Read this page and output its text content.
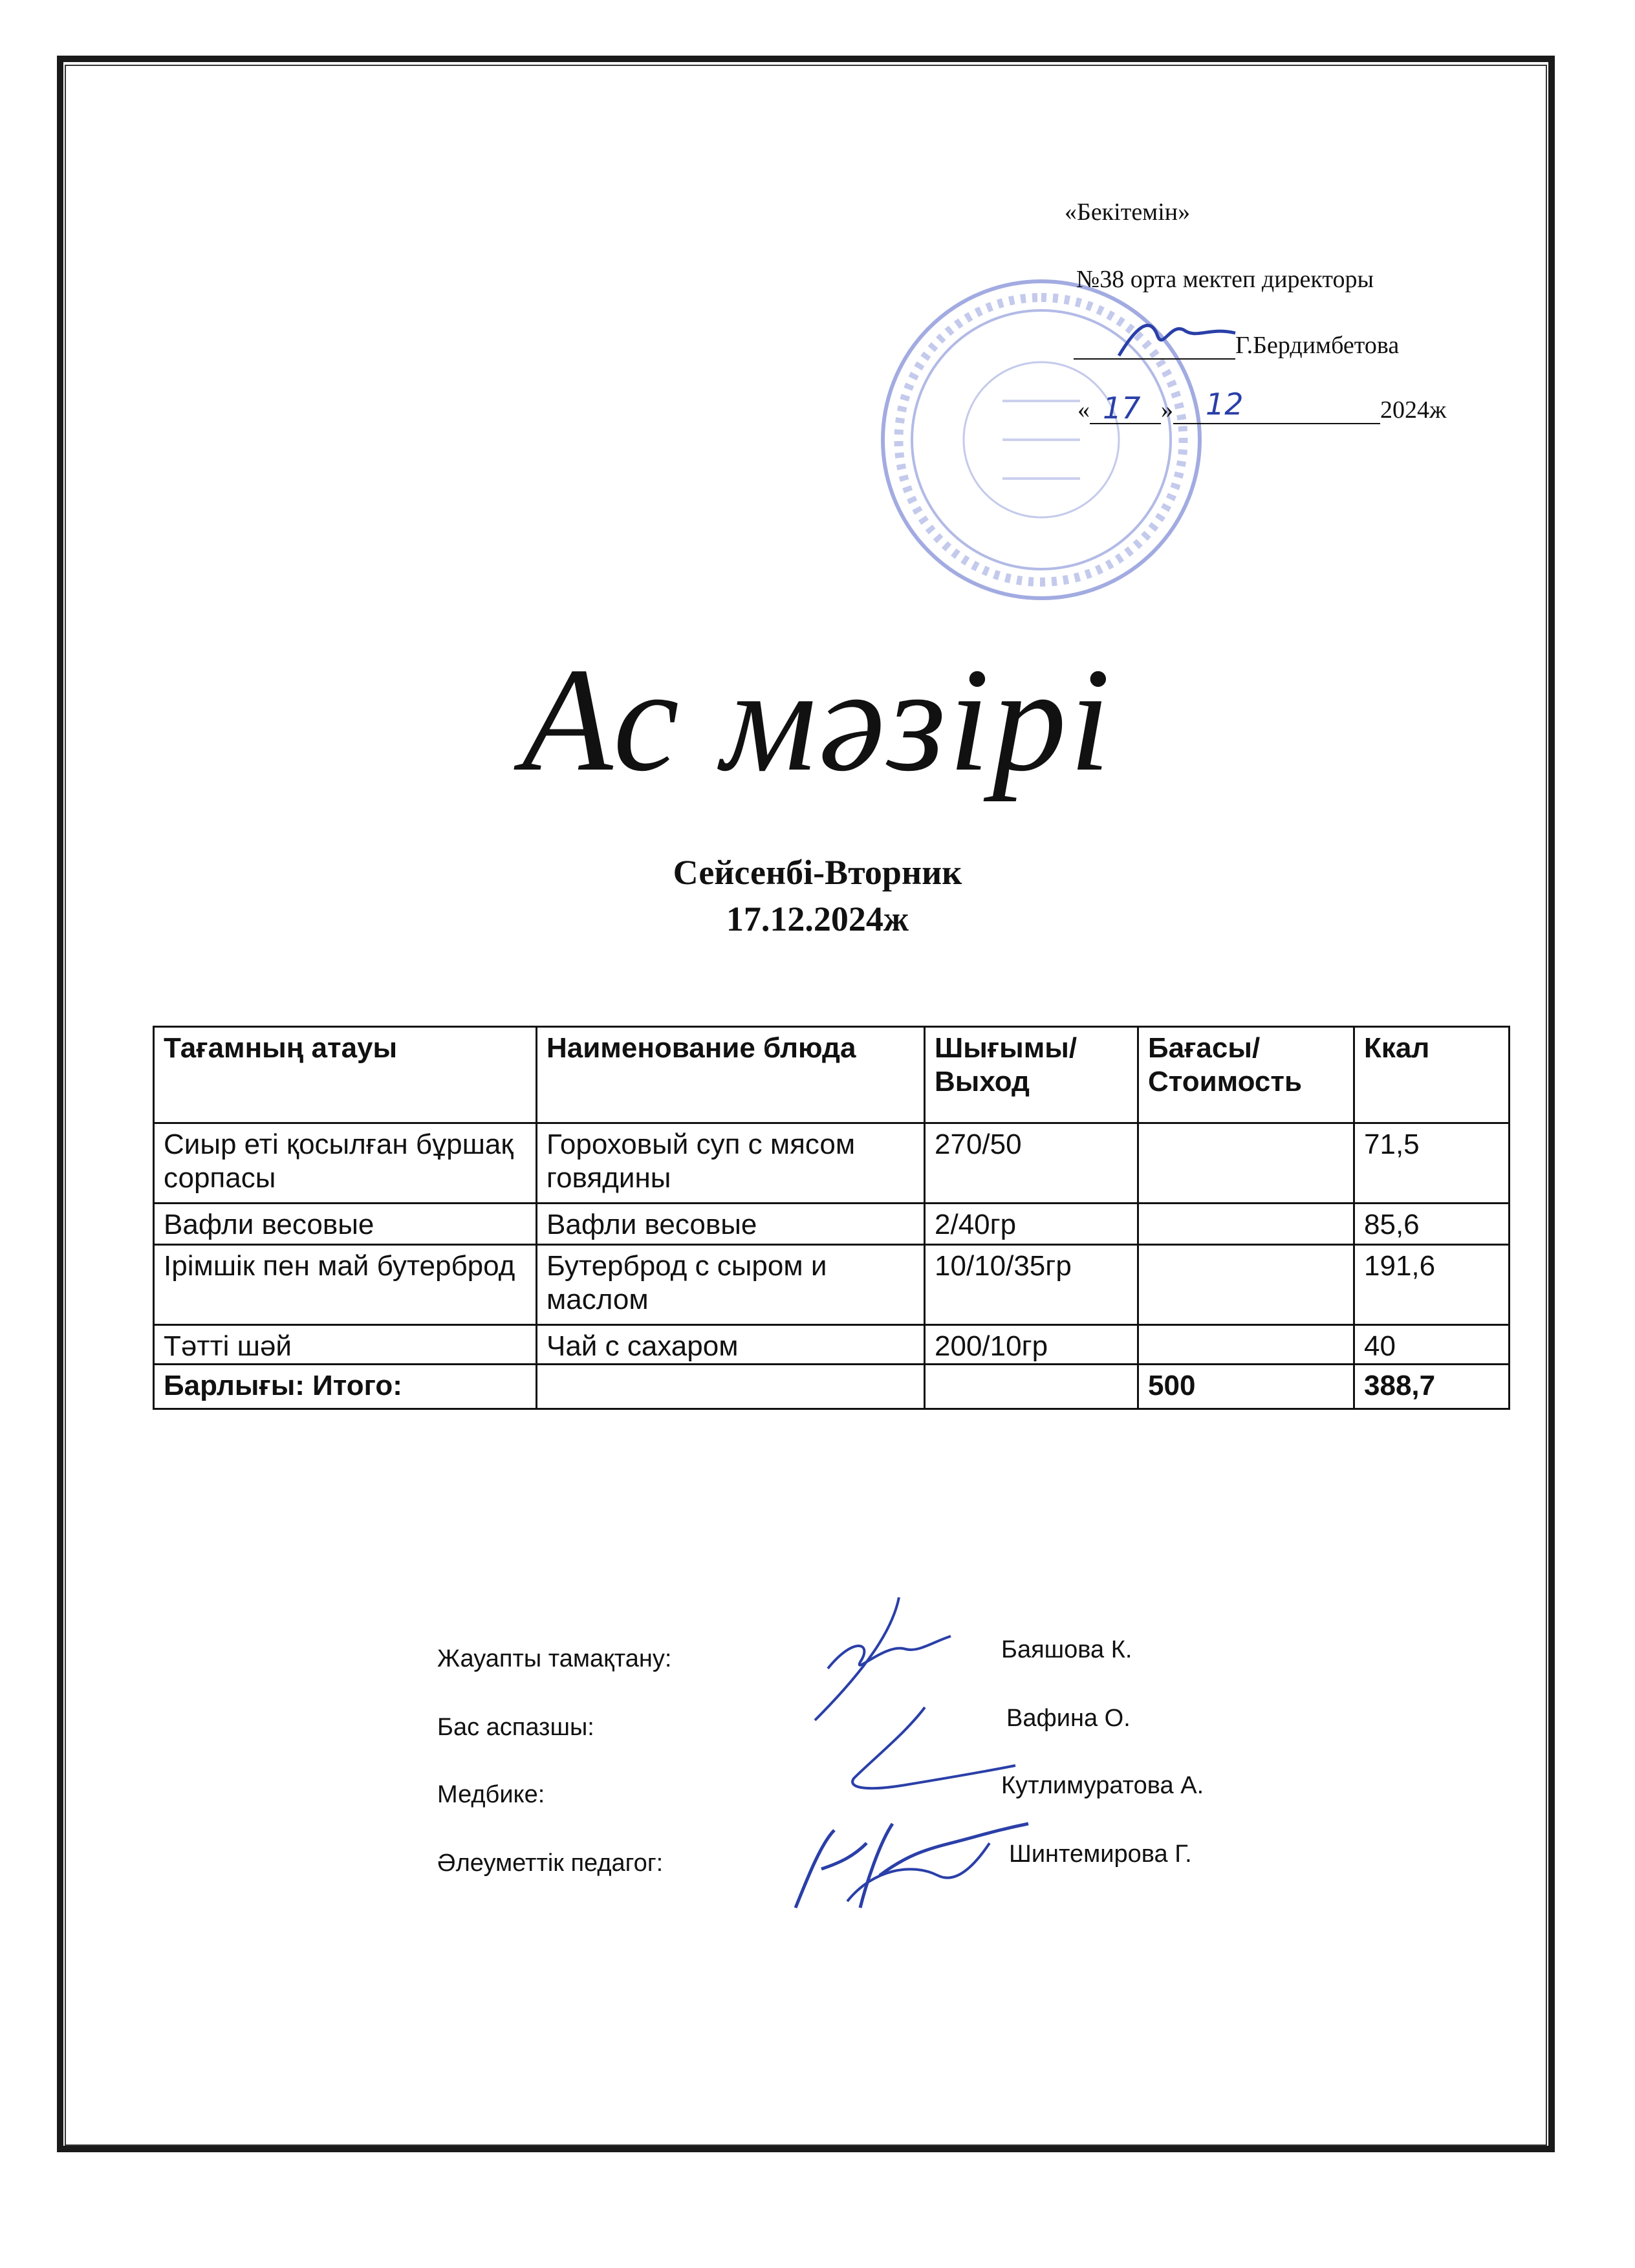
«Бекітемін»
№38 орта мектеп директоры
Г.Бердимбетова
« 17 » 12	2024ж
Ас мәзірі
Сейсенбі-Вторник
17.12.2024ж
Тағамның атауы	Наименование блюда	Шығымы/ Выход	Бағасы/ Стоимость	Ккал
Сиыр еті қосылған бұршақ сорпасы	Гороховый суп с мясом говядины	270/50		71,5
Вафли весовые	Вафли весовые	2/40гр		85,6
Ірімшік пен май бутерброд	Бутерброд с сыром и маслом	10/10/35гр		191,6
Тәтті шәй	Чай с сахаром	200/10гр		40
Барлығы: Итого:			500	388,7
Жауапты тамақтану:	Баяшова К.
Бас аспазшы:	Вафина О.
Медбике:	Кутлимуратова А.
Әлеуметтік педагог:	Шинтемирова Г.
